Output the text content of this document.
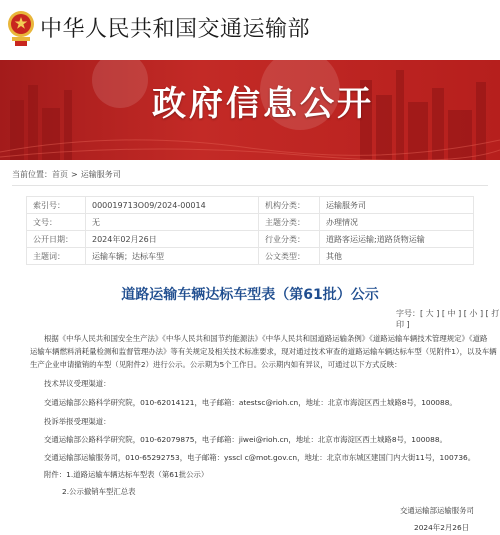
中华人民共和国交通运输部
政府信息公开
当前位置：首页 > 运输服务司
索引号：	000019713O09/2024-00014	机构分类：	运输服务司
文号：	无	主题分类：	办理情况
公开日期：	2024年02月26日	行业分类：	道路客运运输;道路货物运输
主题词：	运输车辆；达标车型	公文类型：	其他
道路运输车辆达标车型表（第61批）公示
字号：[ 大 ] [ 中 ] [ 小 ] [ 打印 ]
根据《中华人民共和国安全生产法》《中华人民共和国节约能源法》《中华人民共和国道路运输条例》《道路运输车辆技术管理规定》《道路
运输车辆燃料消耗量检测和监督管理办法》等有关规定及相关技术标准要求，现对通过技术审查的道路运输车辆达标车型（见附件1），以及车辆
生产企业申请撤销的车型（见附件2）进行公示。公示期为5个工作日。公示期内如有异议，可通过以下方式反映：
技术异议受理渠道：
交通运输部公路科学研究院，010-62014121，电子邮箱：atestsc@rioh.cn，地址：北京市海淀区西土城路8号，100088。
投诉举报受理渠道：
交通运输部公路科学研究院，010-62079875，电子邮箱：jiwei@rioh.cn，地址：北京市海淀区西土城路8号，100088。
交通运输部运输服务司，010-65292753，电子邮箱：ysscl c@mot.gov.cn，地址：北京市东城区建国门内大街11号，100736。
附件：1.道路运输车辆达标车型表（第61批公示）
2.公示撤销车型汇总表
交通运输部运输服务司
2024年2月26日
